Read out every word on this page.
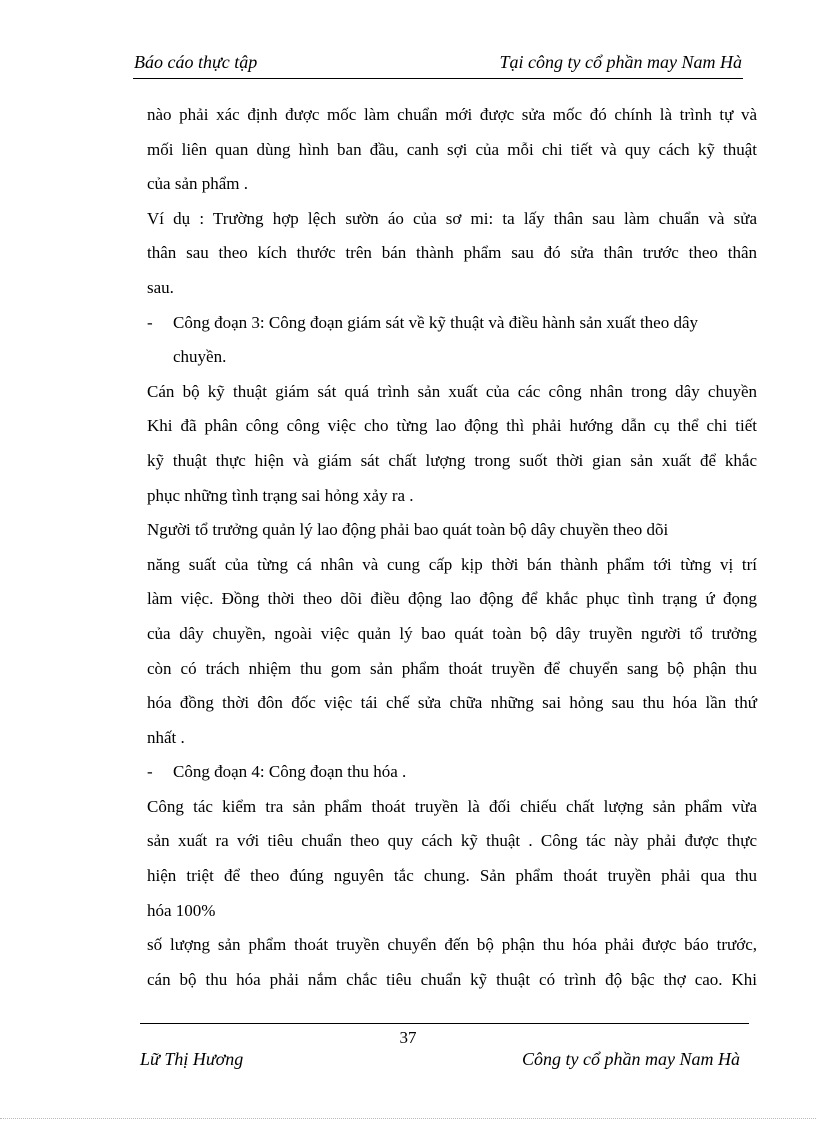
Báo cáo thực tập	Tại công ty cổ phần may Nam Hà
nào phải xác định được mốc làm chuẩn mới được sửa mốc đó chính là trình tự và
mối liên quan dùng hình ban đầu, canh sợi của mỗi chi tiết và quy cách kỹ thuật
của sản phẩm .
Ví dụ : Trường hợp lệch sườn áo của sơ mi: ta lấy thân sau làm chuẩn và sửa
thân sau theo kích thước trên bán thành phẩm sau đó sửa thân trước theo thân
sau.
- Công đoạn 3: Công đoạn giám sát về kỹ thuật và điều hành sản xuất theo dây
chuyền.
Cán bộ kỹ thuật giám sát quá trình sản xuất của các công nhân trong dây chuyền
Khi đã phân công công việc cho từng lao động thì phải hướng dẫn cụ thể chi tiết
kỹ thuật thực hiện và giám sát chất lượng trong suốt thời gian sản xuất để khắc
phục những tình trạng sai hỏng xảy ra .
Người tổ trưởng quản lý lao động phải bao quát toàn bộ dây chuyền theo dõi
năng suất của từng cá nhân và cung cấp kịp thời bán thành phẩm tới từng vị trí
làm việc. Đồng thời theo dõi điều động lao động để khắc phục tình trạng ứ đọng
của dây chuyền, ngoài việc quản lý bao quát toàn bộ dây truyền người tổ trưởng
còn có trách nhiệm thu gom sản phẩm thoát truyền để chuyển sang bộ phận thu
hóa đồng thời đôn đốc việc tái chế sửa chữa những sai hỏng sau thu hóa lần thứ
nhất .
- Công đoạn 4: Công đoạn thu hóa .
Công tác kiểm tra sản phẩm thoát truyền là đối chiếu chất lượng sản phẩm vừa
sản xuất ra với tiêu chuẩn theo quy cách kỹ thuật . Công tác này phải được thực
hiện triệt để theo đúng nguyên tắc chung. Sản phẩm thoát truyền phải qua thu
hóa 100%
số lượng sản phẩm thoát truyền chuyển đến bộ phận thu hóa phải được báo trước,
cán bộ thu hóa phải nắm chắc tiêu chuẩn kỹ thuật có trình độ bậc thợ cao. Khi
37
Lữ Thị Hương	Công ty cổ phần may Nam Hà
